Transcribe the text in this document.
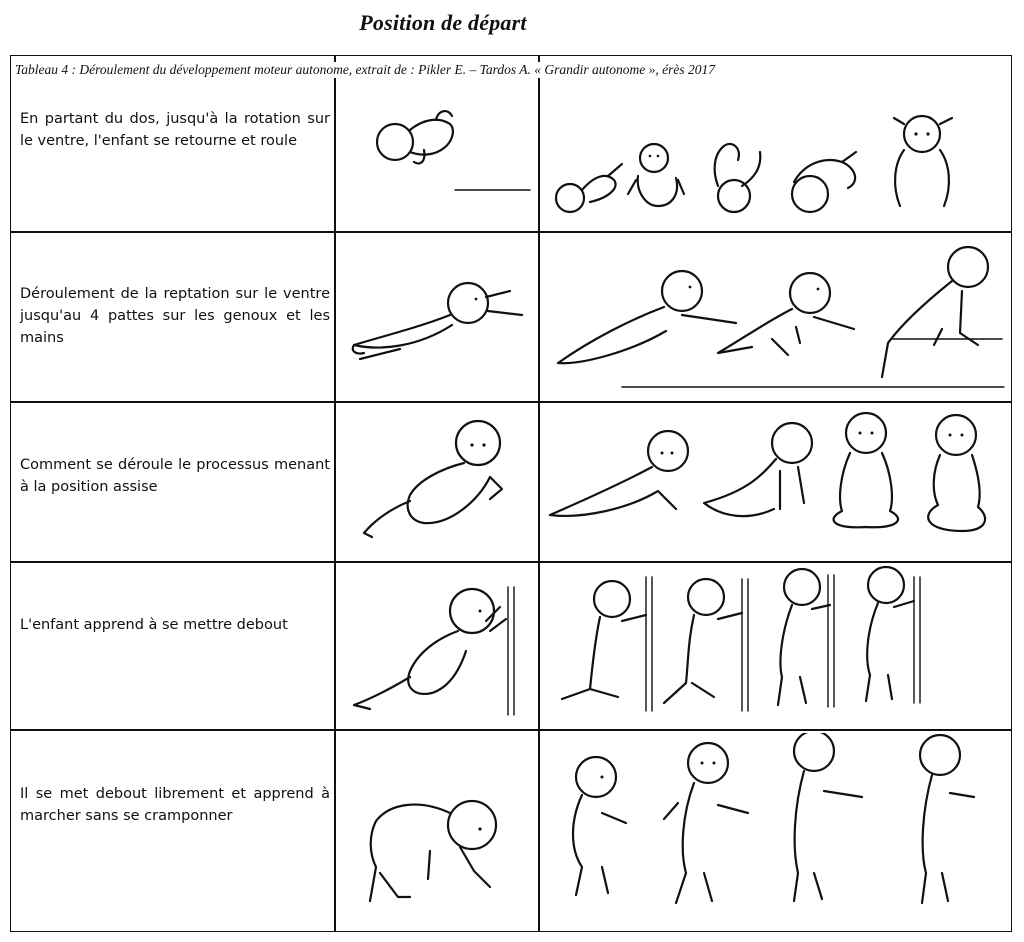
Position de départ
Tableau 4 : Déroulement du développement moteur autonome, extrait de : Pikler E. – Tardos A. « Grandir autonome », érès 2017
En partant du dos, jusqu'à la rotation sur le ventre, l'enfant se retourne et roule
Déroulement de la reptation sur le ventre jusqu'au 4 pattes sur les genoux et les mains
Comment se déroule le processus menant à la position assise
L'enfant apprend à se mettre debout
Il se met debout librement et apprend à marcher sans se cramponner
